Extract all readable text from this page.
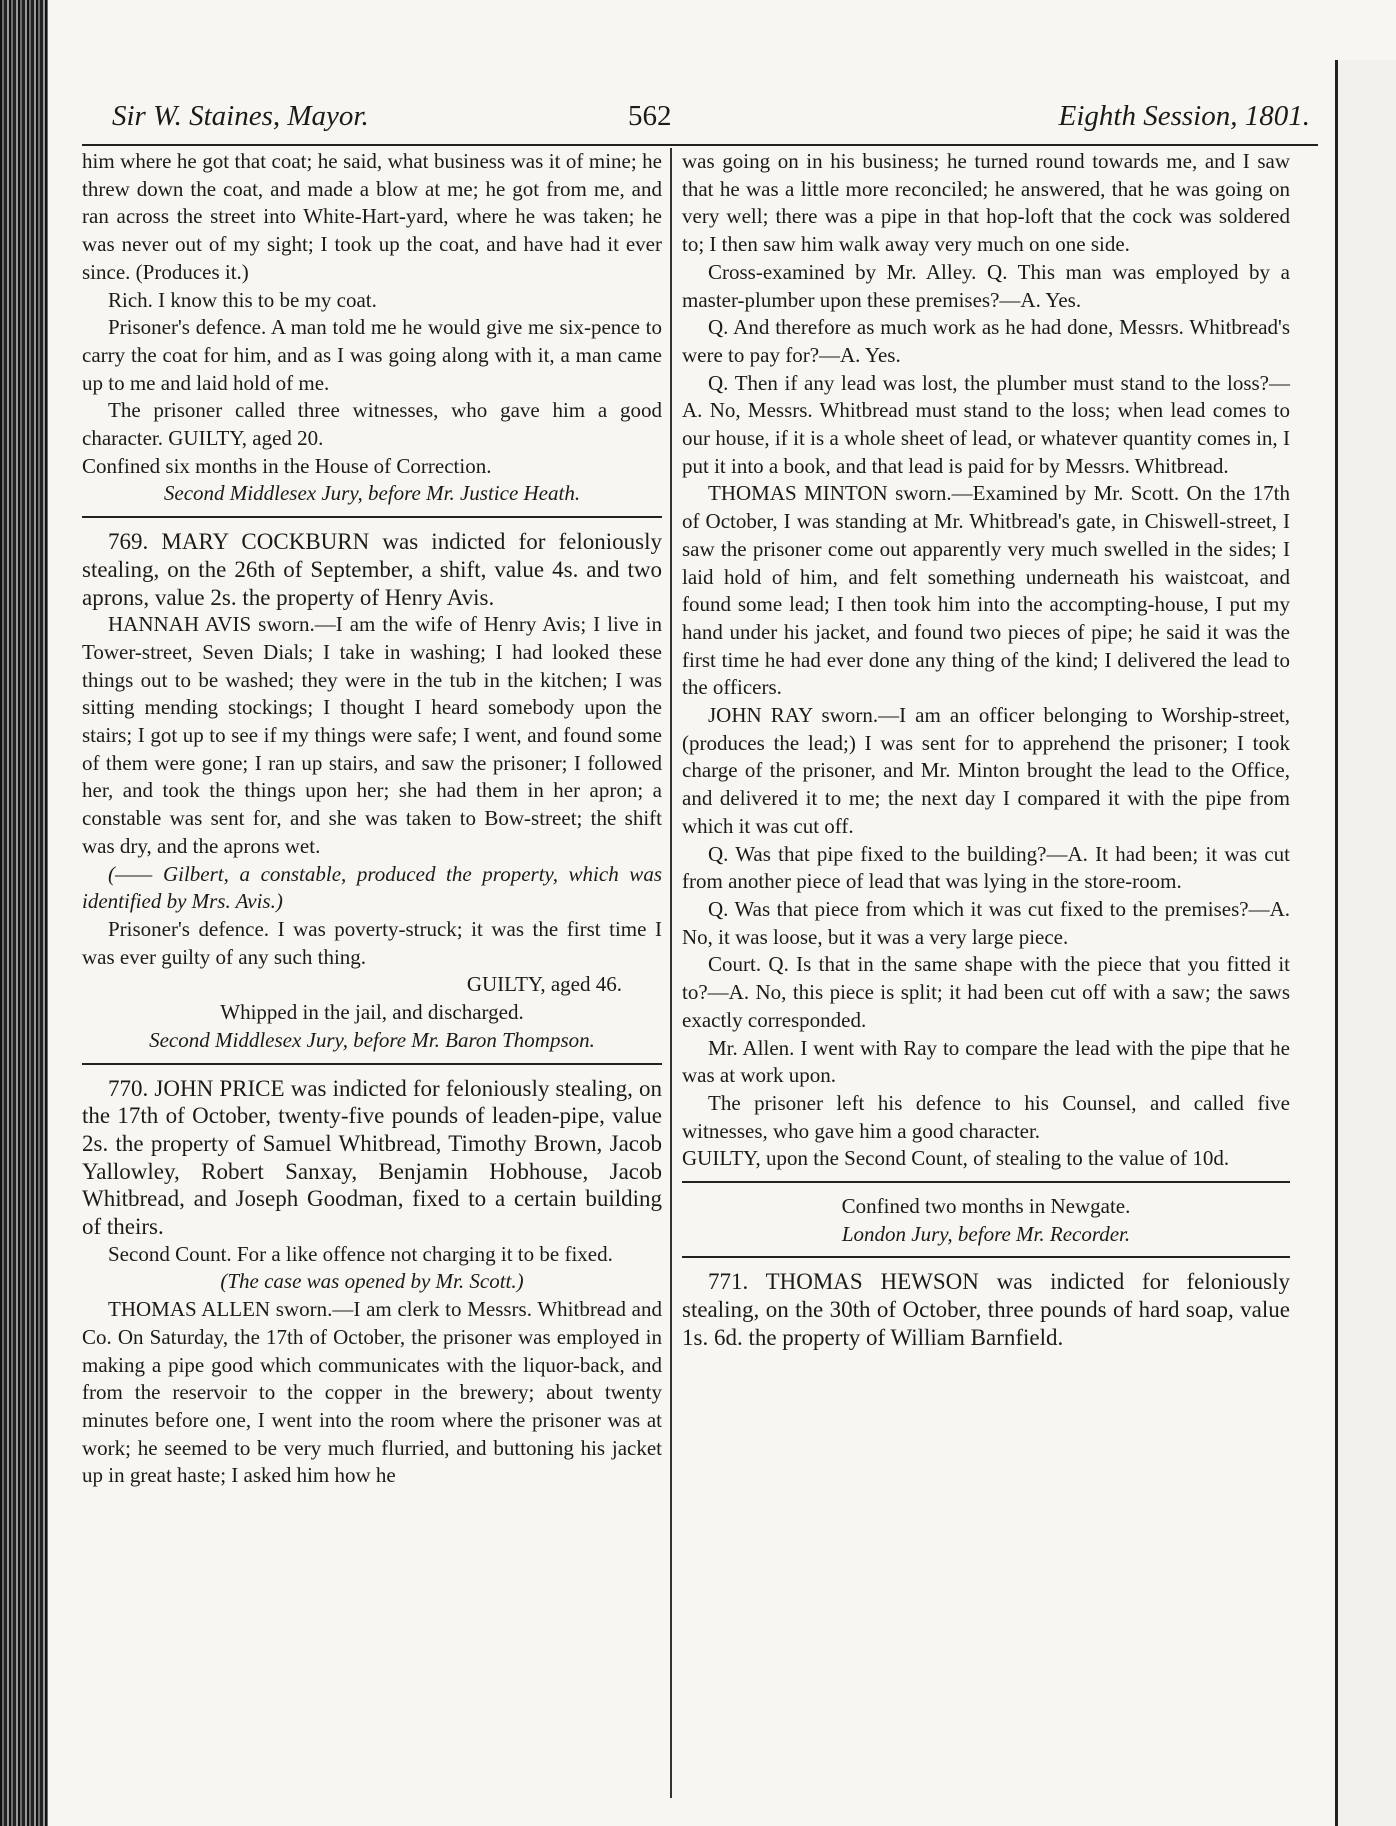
Sir W. Staines, Mayor.	562	Eighth Session, 1801.

him where he got that coat; he said, what business was it of mine; he threw down the coat, and made a blow at me; he got from me, and ran across the street into White-Hart-yard, where he was taken; he was never out of my sight; I took up the coat, and have had it ever since. (Produces it.)

Rich. I know this to be my coat.

Prisoner's defence. A man told me he would give me six-pence to carry the coat for him, and as I was going along with it, a man came up to me and laid hold of me.

The prisoner called three witnesses, who gave him a good character. GUILTY, aged 20.

Confined six months in the House of Correction.

Second Middlesex Jury, before Mr. Justice Heath.

769. MARY COCKBURN was indicted for feloniously stealing, on the 26th of September, a shift, value 4s. and two aprons, value 2s. the property of Henry Avis.

HANNAH AVIS sworn.—I am the wife of Henry Avis; I live in Tower-street, Seven Dials; I take in washing; I had looked these things out to be washed; they were in the tub in the kitchen; I was sitting mending stockings; I thought I heard somebody upon the stairs; I got up to see if my things were safe; I went, and found some of them were gone; I ran up stairs, and saw the prisoner; I followed her, and took the things upon her; she had them in her apron; a constable was sent for, and she was taken to Bow-street; the shift was dry, and the aprons wet.

(—— Gilbert, a constable, produced the property, which was identified by Mrs. Avis.)

Prisoner's defence. I was poverty-struck; it was the first time I was ever guilty of any such thing.

GUILTY, aged 46.

Whipped in the jail, and discharged.

Second Middlesex Jury, before Mr. Baron Thompson.

770. JOHN PRICE was indicted for feloniously stealing, on the 17th of October, twenty-five pounds of leaden-pipe, value 2s. the property of Samuel Whitbread, Timothy Brown, Jacob Yallowley, Robert Sanxay, Benjamin Hobhouse, Jacob Whitbread, and Joseph Goodman, fixed to a certain building of theirs.

Second Count. For a like offence not charging it to be fixed.

(The case was opened by Mr. Scott.)

THOMAS ALLEN sworn.—I am clerk to Messrs. Whitbread and Co. On Saturday, the 17th of October, the prisoner was employed in making a pipe good which communicates with the liquor-back, and from the reservoir to the copper in the brewery; about twenty minutes before one, I went into the room where the prisoner was at work; he seemed to be very much flurried, and buttoning his jacket up in great haste; I asked him how he

was going on in his business; he turned round towards me, and I saw that he was a little more reconciled; he answered, that he was going on very well; there was a pipe in that hop-loft that the cock was soldered to; I then saw him walk away very much on one side.

Cross-examined by Mr. Alley. Q. This man was employed by a master-plumber upon these premises?—A. Yes.

Q. And therefore as much work as he had done, Messrs. Whitbread's were to pay for?—A. Yes.

Q. Then if any lead was lost, the plumber must stand to the loss?—A. No, Messrs. Whitbread must stand to the loss; when lead comes to our house, if it is a whole sheet of lead, or whatever quantity comes in, I put it into a book, and that lead is paid for by Messrs. Whitbread.

THOMAS MINTON sworn.—Examined by Mr. Scott. On the 17th of October, I was standing at Mr. Whitbread's gate, in Chiswell-street, I saw the prisoner come out apparently very much swelled in the sides; I laid hold of him, and felt something underneath his waistcoat, and found some lead; I then took him into the accompting-house, I put my hand under his jacket, and found two pieces of pipe; he said it was the first time he had ever done any thing of the kind; I delivered the lead to the officers.

JOHN RAY sworn.—I am an officer belonging to Worship-street, (produces the lead;) I was sent for to apprehend the prisoner; I took charge of the prisoner, and Mr. Minton brought the lead to the Office, and delivered it to me; the next day I compared it with the pipe from which it was cut off.

Q. Was that pipe fixed to the building?—A. It had been; it was cut from another piece of lead that was lying in the store-room.

Q. Was that piece from which it was cut fixed to the premises?—A. No, it was loose, but it was a very large piece.

Court. Q. Is that in the same shape with the piece that you fitted it to?—A. No, this piece is split; it had been cut off with a saw; the saws exactly corresponded.

Mr. Allen. I went with Ray to compare the lead with the pipe that he was at work upon.

The prisoner left his defence to his Counsel, and called five witnesses, who gave him a good character.

GUILTY, upon the Second Count, of stealing to the value of 10d.

Confined two months in Newgate.

London Jury, before Mr. Recorder.

771. THOMAS HEWSON was indicted for feloniously stealing, on the 30th of October, three pounds of hard soap, value 1s. 6d. the property of William Barnfield.
